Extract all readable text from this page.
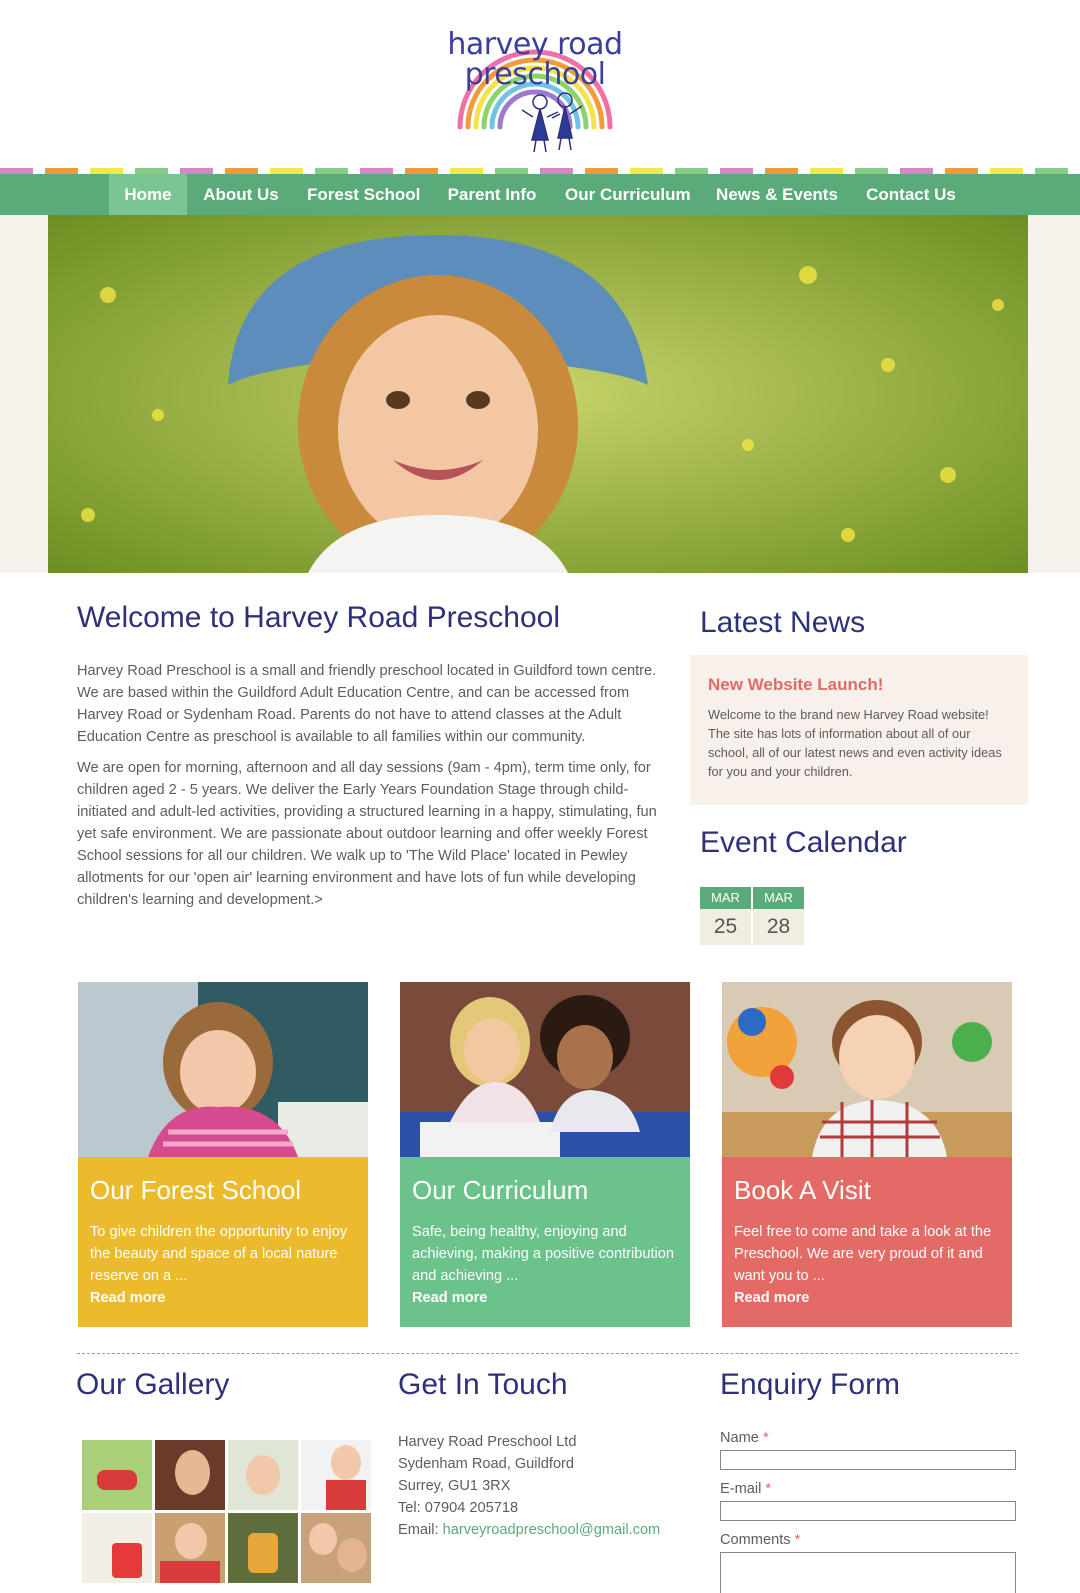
harvey road
preschool
Home	About Us Forest School Parent Info Our Curriculum News & Events	Contact Us
Welcome to Harvey Road Preschool

Harvey Road Preschool is a small and friendly preschool located in Guildford town centre. We are based within the Guildford Adult Education Centre, and can be accessed from Harvey Road or Sydenham Road. Parents do not have to attend classes at the Adult Education Centre as preschool is available to all families within our community.

We are open for morning, afternoon and all day sessions (9am - 4pm), term time only, for children aged 2 - 5 years. We deliver the Early Years Foundation Stage through child-initiated and adult-led activities, providing a structured learning in a happy, stimulating, fun yet safe environment. We are passionate about outdoor learning and offer weekly Forest School sessions for all our children. We walk up to 'The Wild Place' located in Pewley allotments for our 'open air' learning environment and have lots of fun while developing children's learning and development.>

Latest News
New Website Launch!
Welcome to the brand new Harvey Road website! The site has lots of information about all of our school, all of our latest news and even activity ideas for you and your children.
Event Calendar
MAR
25
MAR
28
Our Forest School
To give children the opportunity to enjoy the beauty and space of a local nature reserve on a ...
Read more
Our Curriculum
Safe, being healthy, enjoying and achieving, making a positive contribution and achieving ...
Read more
Book A Visit
Feel free to come and take a look at the Preschool. We are very proud of it and want you to ...
Read more
Our Gallery	Get In Touch
Harvey Road Preschool Ltd
Sydenham Road, Guildford
Surrey, GU1 3RX
Tel: 07904 205718
Email: harveyroadpreschool@gmail.com
Enquiry Form
Name *
E-mail *
Comments *
